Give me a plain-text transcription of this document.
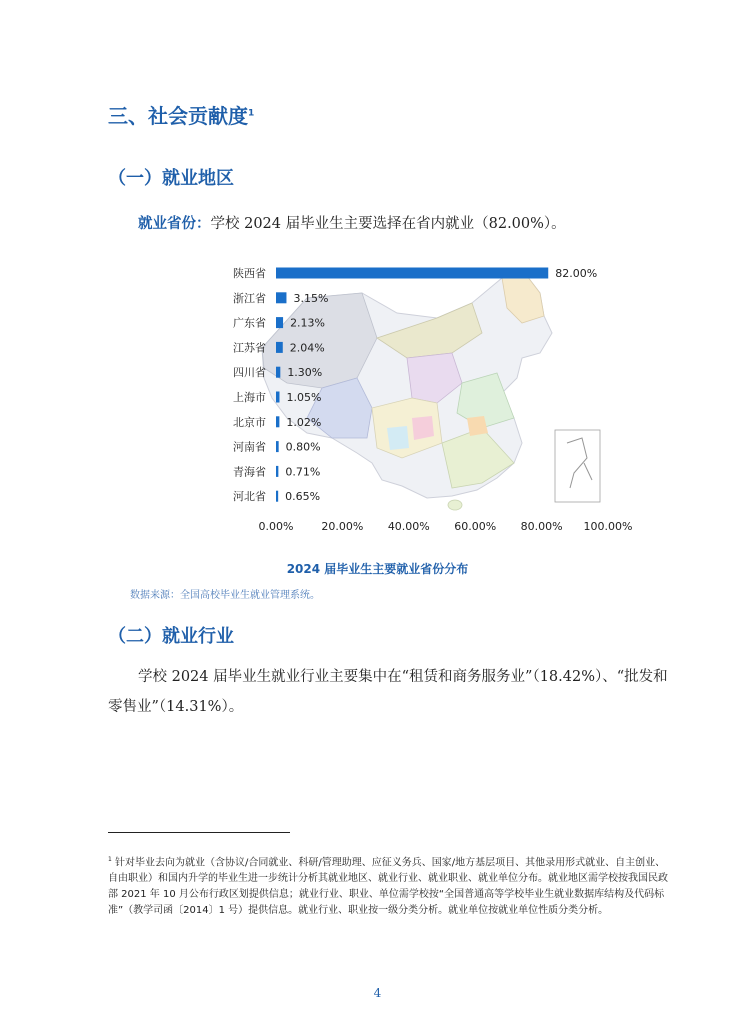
三、社会贡献度$^1$
（一）就业地区
就业省份：学校 2024 届毕业生主要选择在省内就业（82.00%）。
陕西省	82.00%
浙江省 3.15%
广东省 2.13%
江苏省 2.04%
四川省 1.30%
上海市 1.05%
北京市 1.02%
河南省 0.80%
青海省 0.71%
河北省 0.65%
0.00%	20.00% 40.00% 60.00% 80.00% 100.00%
2024 届毕业生主要就业省份分布
数据来源：全国高校毕业生就业管理系统。
（二）就业行业
学校 2024 届毕业生就业行业主要集中在“租赁和商务服务业”（18.42%）、“批发和零售业”（14.31%）。
$^1$ 针对毕业去向为就业（含协议/合同就业、科研/管理助理、应征义务兵、国家/地方基层项目、其他录用形式就业、自主创业、自由职业）和国内升学的毕业生进一步统计分析其就业地区、就业行业、就业职业、就业单位分布。就业地区需学校按我国民政部 2021 年 10 月公布行政区划提供信息；就业行业、职业、单位需学校按“全国普通高等学校毕业生就业数据库结构及代码标准”（教学司函〔2014〕1 号）提供信息。就业行业、职业按一级分类分析。就业单位按就业单位性质分类分析。
4
